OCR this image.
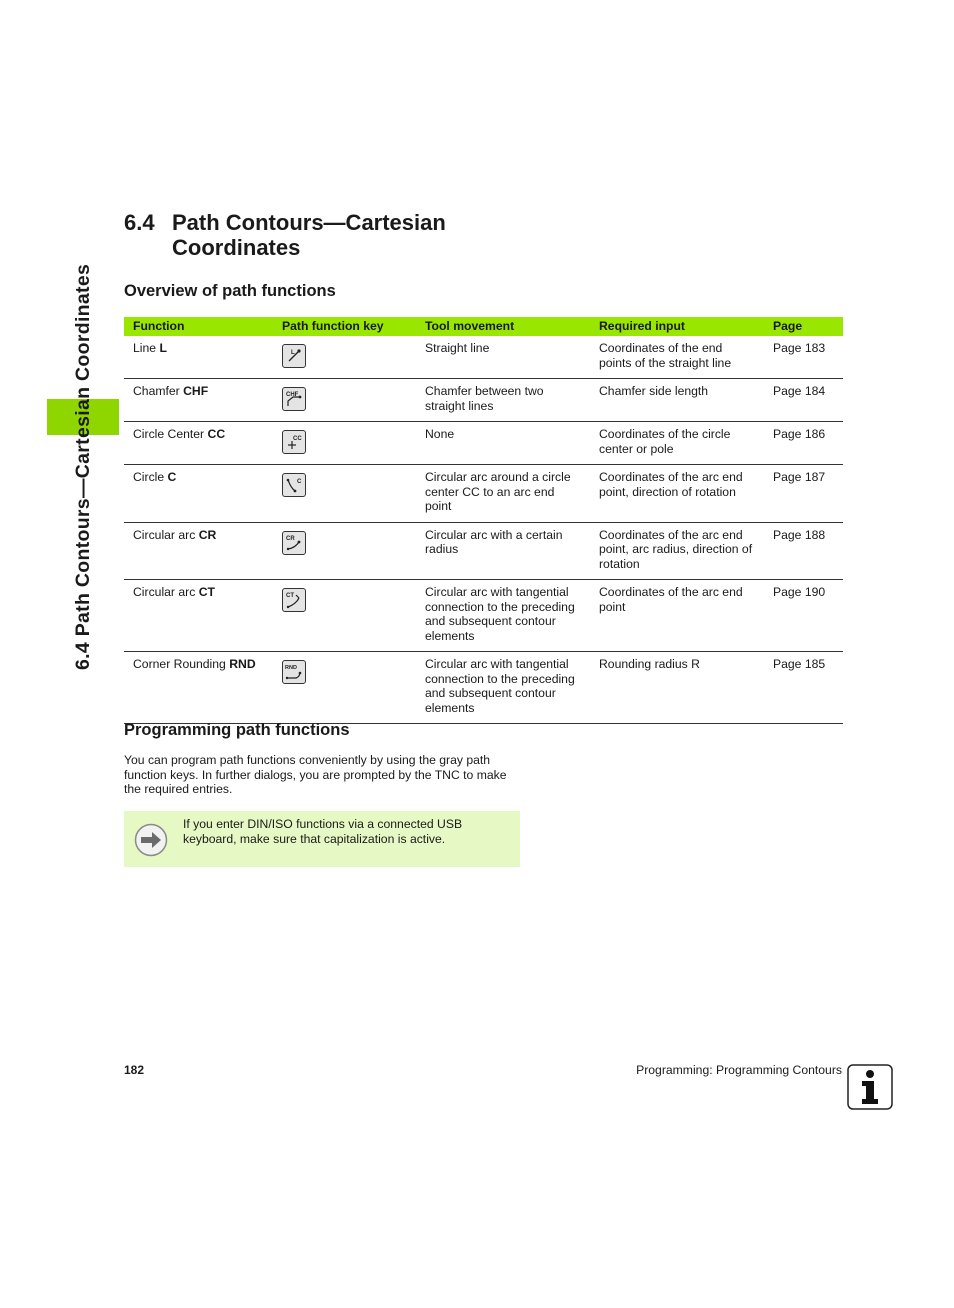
6.4 Path Contours—Cartesian Coordinates
6.4 Path Contours—Cartesian
Coordinates
Overview of path functions
Function	Path function key	Tool movement	Required input	Page
Line L	L	Straight line	Coordinates of the end points of the straight line	Page 183
Chamfer CHF	CHF	Chamfer between two straight lines	Chamfer side length	Page 184
Circle Center CC	CC	None	Coordinates of the circle center or pole	Page 186
Circle C	C	Circular arc around a circle center CC to an arc end point	Coordinates of the arc end point, direction of rotation	Page 187
Circular arc CR	CR	Circular arc with a certain radius	Coordinates of the arc end point, arc radius, direction of rotation	Page 188
Circular arc CT	CT	Circular arc with tangential connection to the preceding and subsequent contour elements	Coordinates of the arc end point	Page 190
Corner Rounding RND	RND	Circular arc with tangential connection to the preceding and subsequent contour elements	Rounding radius R	Page 185
Programming path functions

You can program path functions conveniently by using the gray path function keys. In further dialogs, you are prompted by the TNC to make the required entries.

If you enter DIN/ISO functions via a connected USB keyboard, make sure that capitalization is active.
182	Programming: Programming Contours
